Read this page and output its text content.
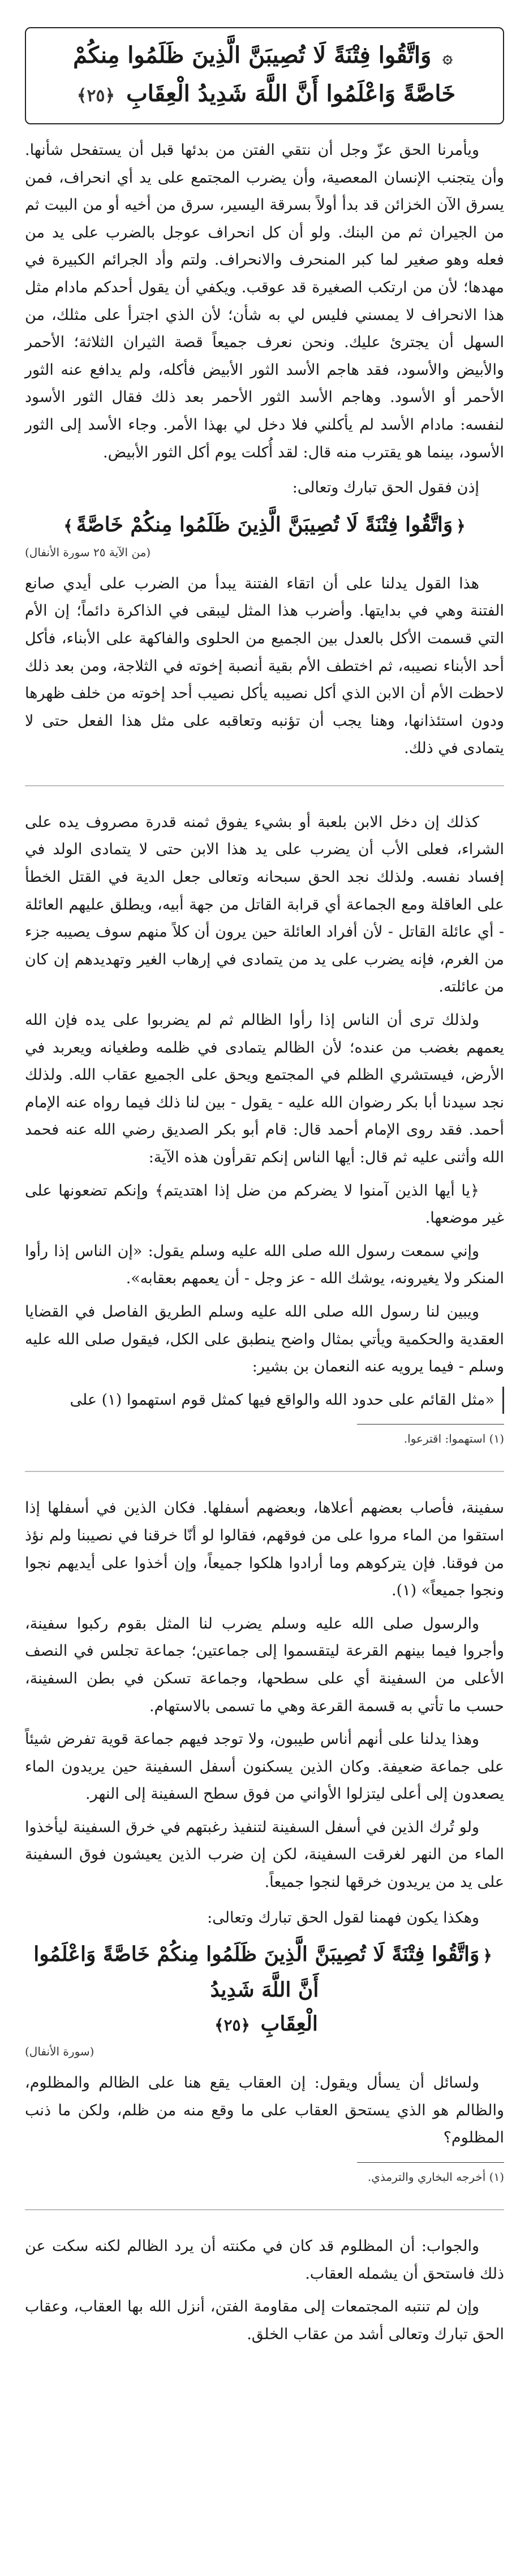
۞ وَاتَّقُوا فِتْنَةً لَا تُصِيبَنَّ الَّذِينَ ظَلَمُوا مِنكُمْ
خَاصَّةً وَاعْلَمُوا أَنَّ اللَّهَ شَدِيدُ الْعِقَابِ ﴿٢٥﴾

ويأمرنا الحق عزّ وجل أن نتقي الفتن من بدئها قبل أن يستفحل شأنها. وأن يتجنب الإنسان المعصية، وأن يضرب المجتمع على يد أي انحراف، فمن يسرق الآن الخزائن قد بدأ أولاً بسرقة اليسير، سرق من أخيه أو من البيت ثم من الجيران ثم من البنك. ولو أن كل انحراف عوجل بالضرب على يد من فعله وهو صغير لما كبر المنحرف والانحراف. ولتم وأد الجرائم الكبيرة في مهدها؛ لأن من ارتكب الصغيرة قد عوقب. ويكفي أن يقول أحدكم مادام مثل هذا الانحراف لا يمسني فليس لي به شأن؛ لأن الذي اجترأ على مثلك، من السهل أن يجترئ عليك. ونحن نعرف جميعاً قصة الثيران الثلاثة؛ الأحمر والأبيض والأسود، فقد هاجم الأسد الثور الأبيض فأكله، ولم يدافع عنه الثور الأحمر أو الأسود. وهاجم الأسد الثور الأحمر بعد ذلك فقال الثور الأسود لنفسه: مادام الأسد لم يأكلني فلا دخل لي بهذا الأمر. وجاء الأسد إلى الثور الأسود، بينما هو يقترب منه قال: لقد أُكلت يوم أكل الثور الأبيض.

إذن فقول الحق تبارك وتعالى:

﴿وَاتَّقُوا فِتْنَةً لَا تُصِيبَنَّ الَّذِينَ ظَلَمُوا مِنكُمْ خَاصَّةً﴾
(من الآية ٢٥ سورة الأنفال)

هذا القول يدلنا على أن اتقاء الفتنة يبدأ من الضرب على أيدي صانع الفتنة وهي في بدايتها. وأضرب هذا المثل ليبقى في الذاكرة دائماً؛ إن الأم التي قسمت الأكل بالعدل بين الجميع من الحلوى والفاكهة على الأبناء، فأكل أحد الأبناء نصيبه، ثم اختطف الأم بقية أنصبة إخوته في الثلاجة، ومن بعد ذلك لاحظت الأم أن الابن الذي أكل نصيبه يأكل نصيب أحد إخوته من خلف ظهرها ودون استئذانها، وهنا يجب أن تؤنبه وتعاقبه على مثل هذا الفعل حتى لا يتمادى في ذلك.

كذلك إن دخل الابن بلعبة أو بشيء يفوق ثمنه قدرة مصروف يده على الشراء، فعلى الأب أن يضرب على يد هذا الابن حتى لا يتمادى الولد في إفساد نفسه. ولذلك نجد الحق سبحانه وتعالى جعل الدية في القتل الخطأ على العاقلة ومع الجماعة أي قرابة القاتل من جهة أبيه، ويطلق عليهم العائلة - أي عائلة القاتل - لأن أفراد العائلة حين يرون أن كلاً منهم سوف يصيبه جزء من الغرم، فإنه يضرب على يد من يتمادى في إرهاب الغير وتهديدهم إن كان من عائلته.

ولذلك ترى أن الناس إذا رأوا الظالم ثم لم يضربوا على يده فإن الله يعمهم بغضب من عنده؛ لأن الظالم يتمادى في ظلمه وطغيانه ويعربد في الأرض، فيستشري الظلم في المجتمع ويحق على الجميع عقاب الله. ولذلك نجد سيدنا أبا بكر رضوان الله عليه - يقول - بين لنا ذلك فيما رواه عنه الإمام أحمد. فقد روى الإمام أحمد قال: قام أبو بكر الصديق رضي الله عنه فحمد الله وأثنى عليه ثم قال: أيها الناس إنكم تقرأون هذه الآية:

﴿يا أيها الذين آمنوا لا يضركم من ضل إذا اهتديتم﴾ وإنكم تضعونها على غير موضعها.

وإني سمعت رسول الله صلى الله عليه وسلم يقول: «إن الناس إذا رأوا المنكر ولا يغيرونه، يوشك الله - عز وجل - أن يعمهم بعقابه».

ويبين لنا رسول الله صلى الله عليه وسلم الطريق الفاصل في القضايا العقدية والحكمية ويأتي بمثال واضح ينطبق على الكل، فيقول صلى الله عليه وسلم - فيما يرويه عنه النعمان بن بشير:

«مثل القائم على حدود الله والواقع فيها كمثل قوم استهموا (١) على

(١) استهموا: اقترعوا.

سفينة، فأصاب بعضهم أعلاها، وبعضهم أسفلها. فكان الذين في أسفلها إذا استقوا من الماء مروا على من فوقهم، فقالوا لو أنّا خرقنا في نصيبنا ولم نؤذ من فوقنا. فإن يتركوهم وما أرادوا هلكوا جميعاً، وإن أخذوا على أيديهم نجوا ونجوا جميعاً» (١).

والرسول صلى الله عليه وسلم يضرب لنا المثل بقوم ركبوا سفينة، وأجروا فيما بينهم القرعة ليتقسموا إلى جماعتين؛ جماعة تجلس في النصف الأعلى من السفينة أي على سطحها، وجماعة تسكن في بطن السفينة، حسب ما تأتي به قسمة القرعة وهي ما تسمى بالاستهام.

وهذا يدلنا على أنهم أناس طيبون، ولا توجد فيهم جماعة قوية تفرض شيئاً على جماعة ضعيفة. وكان الذين يسكنون أسفل السفينة حين يريدون الماء يصعدون إلى أعلى ليتزلوا الأواني من فوق سطح السفينة إلى النهر.

ولو تُرك الذين في أسفل السفينة لتنفيذ رغبتهم في خرق السفينة ليأخذوا الماء من النهر لغرقت السفينة، لكن إن ضرب الذين يعيشون فوق السفينة على يد من يريدون خرقها لنجوا جميعاً.

وهكذا يكون فهمنا لقول الحق تبارك وتعالى:

﴿وَاتَّقُوا فِتْنَةً لَا تُصِيبَنَّ الَّذِينَ ظَلَمُوا مِنكُمْ خَاصَّةً وَاعْلَمُوا أَنَّ اللَّهَ شَدِيدُ
الْعِقَابِ ﴿٢٥﴾
(سورة الأنفال)

ولسائل أن يسأل ويقول: إن العقاب يقع هنا على الظالم والمظلوم، والظالم هو الذي يستحق العقاب على ما وقع منه من ظلم، ولكن ما ذنب المظلوم؟

(١) أخرجه البخاري والترمذي.

والجواب: أن المظلوم قد كان في مكنته أن يرد الظالم لكنه سكت عن ذلك فاستحق أن يشمله العقاب.

وإن لم تنتبه المجتمعات إلى مقاومة الفتن، أنزل الله بها العقاب، وعقاب الحق تبارك وتعالى أشد من عقاب الخلق.
